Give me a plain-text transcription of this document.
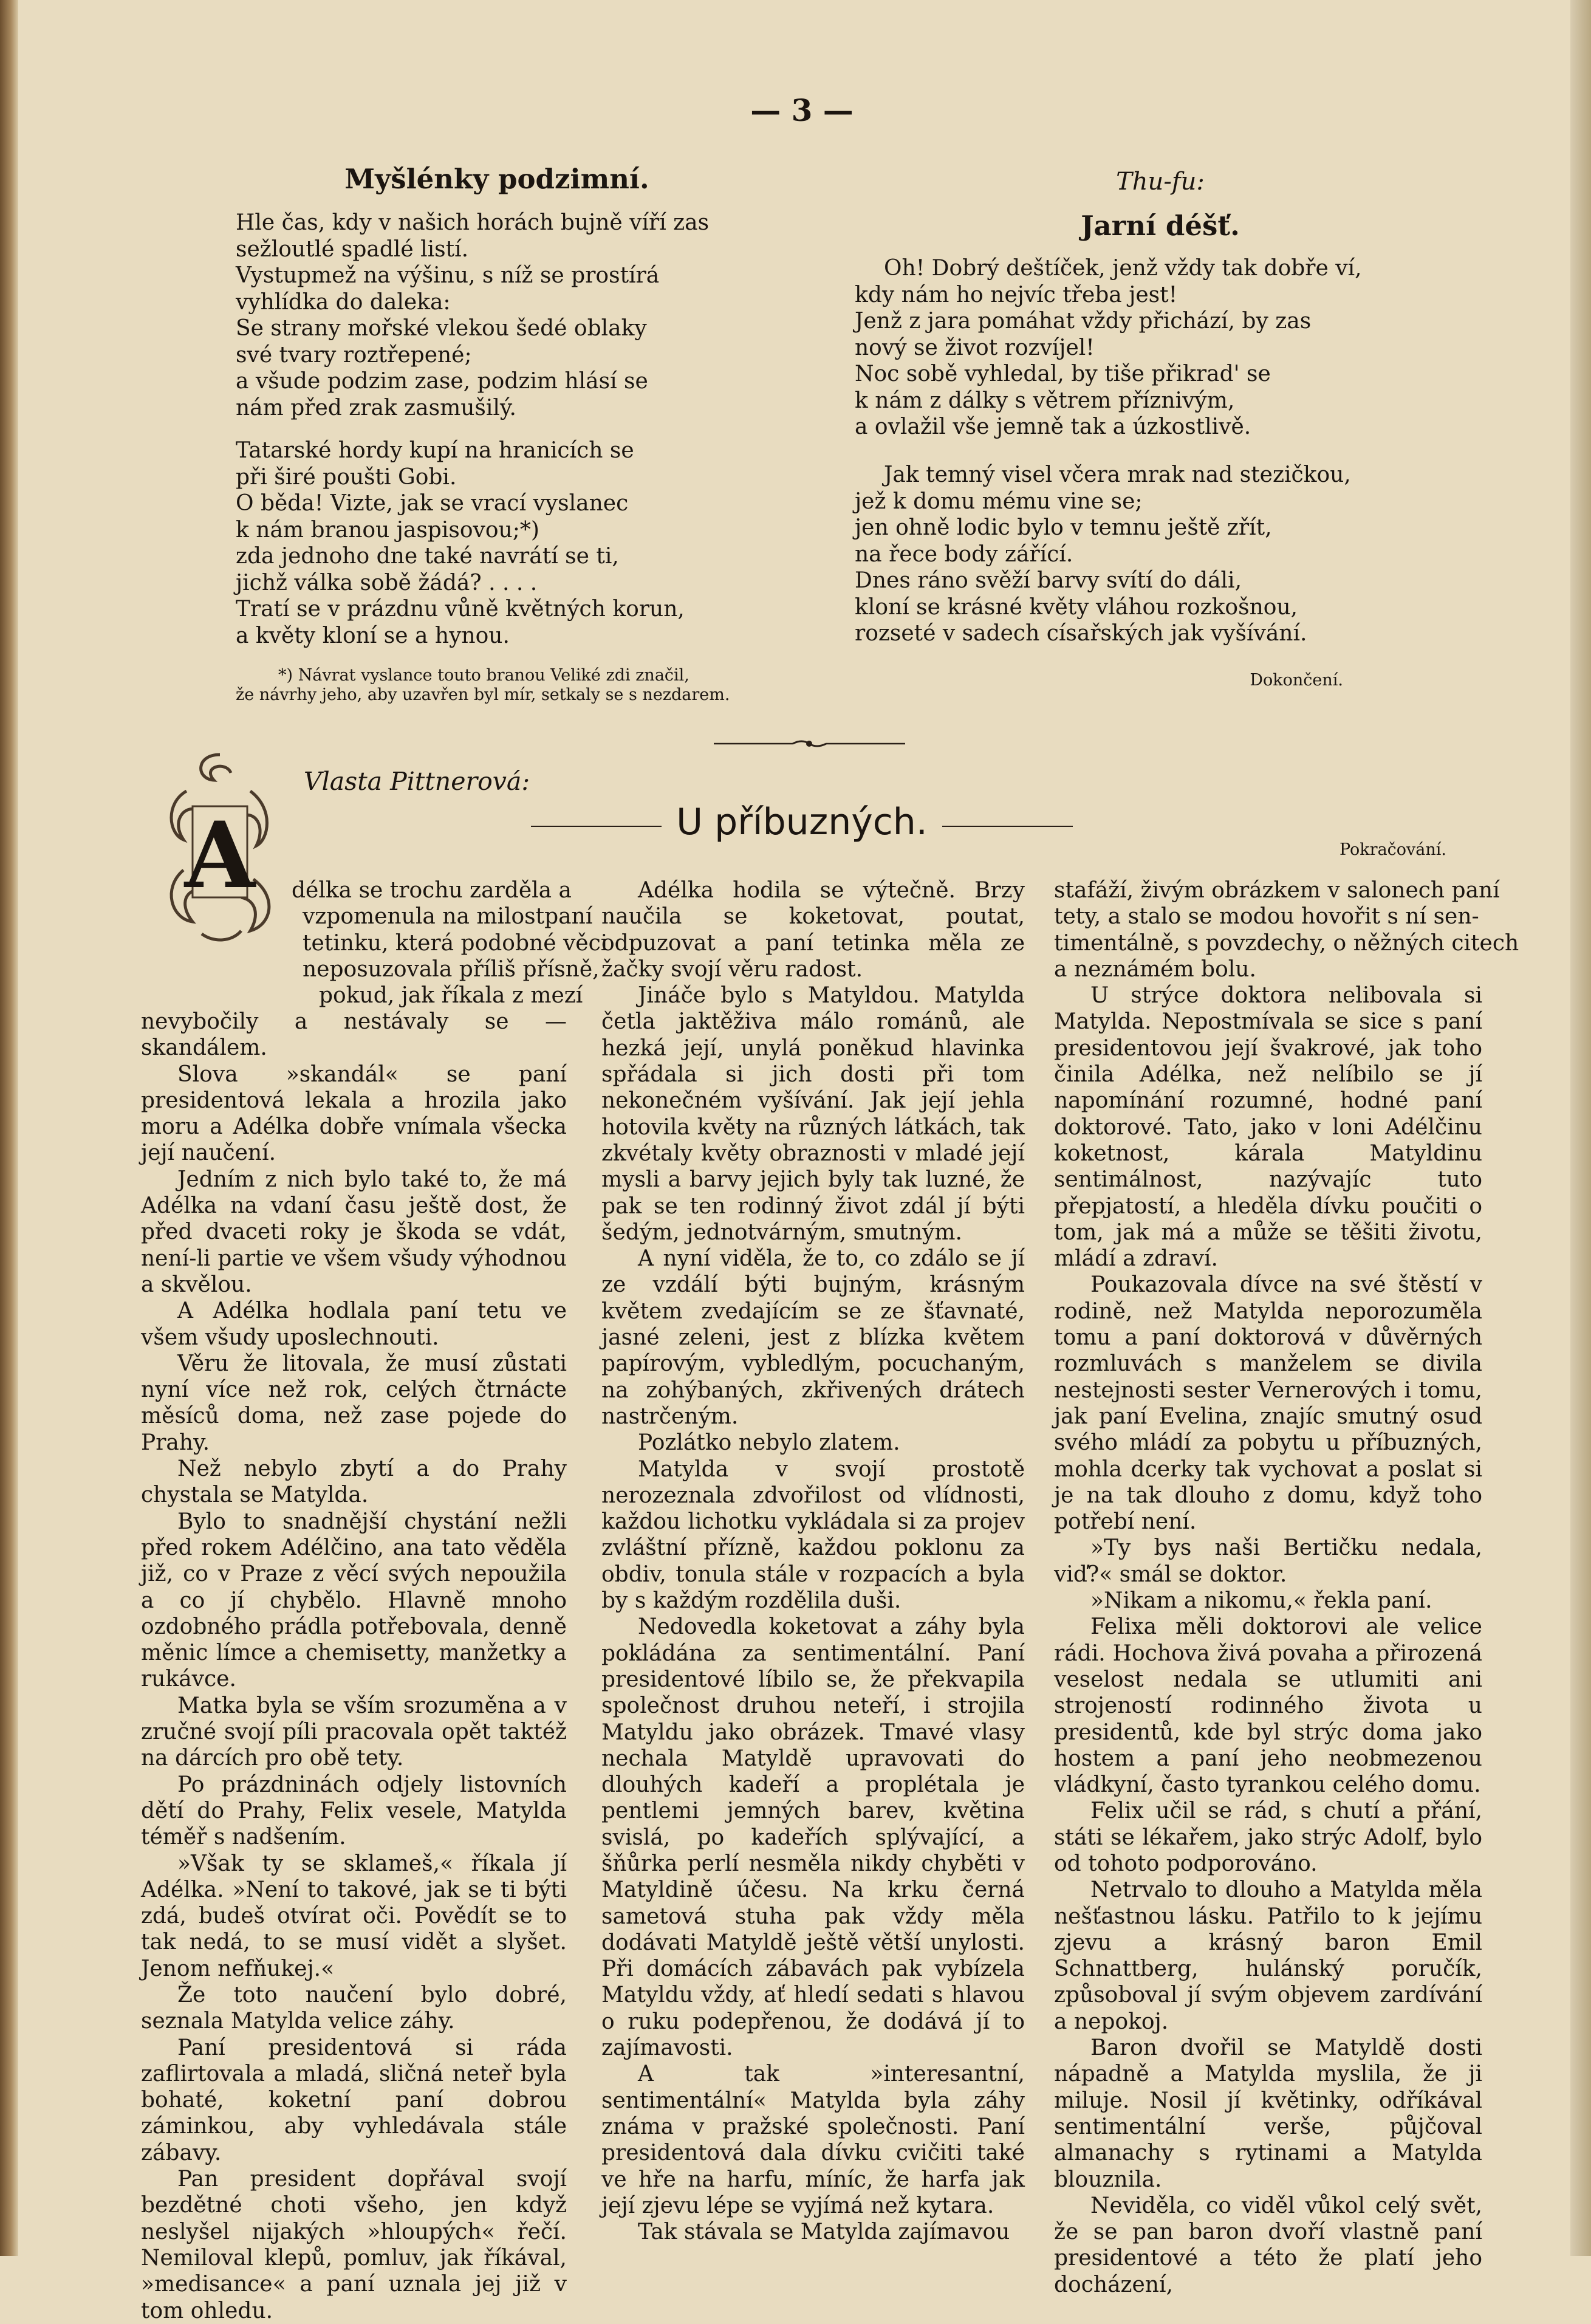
— 3 —
Myšlénky podzimní.
Hle čas, kdy v našich horách bujně víří zas
sežloutlé spadlé listí.
Vystupmež na výšinu, s níž se prostírá
vyhlídka do daleka:
Se strany mořské vlekou šedé oblaky
své tvary roztřepené;
a všude podzim zase, podzim hlásí se
nám před zrak zasmušilý.
Tatarské hordy kupí na hranicích se
při širé poušti Gobi.
O běda! Vizte, jak se vrací vyslanec
k nám branou jaspisovou;*)
zda jednoho dne také navrátí se ti,
jichž válka sobě žádá? . . . .
Tratí se v prázdnu vůně květných korun,
a květy kloní se a hynou.
*) Návrat vyslance touto branou Veliké zdi značil,
že návrhy jeho, aby uzavřen byl mír, setkaly se s nezdarem.
Thu-fu:
Jarní déšť.
Oh! Dobrý deštíček, jenž vždy tak dobře ví,
kdy nám ho nejvíc třeba jest!
Jenž z jara pomáhat vždy přichází, by zas
nový se život rozvíjel!
Noc sobě vyhledal, by tiše přikrad' se
k nám z dálky s větrem příznivým,
a ovlažil vše jemně tak a úzkostlivě.
Jak temný visel včera mrak nad stezičkou,
jež k domu mému vine se;
jen ohně lodic bylo v temnu ještě zřít,
na řece body zářící.
Dnes ráno svěží barvy svítí do dáli,
kloní se krásné květy vláhou rozkošnou,
rozseté v sadech císařských jak vyšívání.
Dokončení.
Vlasta Pittnerová:
U příbuzných.
Pokračování.
A délka se trochu zarděla a
vzpomenula na milostpaní
tetinku, která podobné věci
neposuzovala příliš přísně,
pokud, jak říkala z mezí

nevybočily a nestávaly se — skandálem.

Slova »skandál« se paní presidentová lekala a hrozila jako moru a Adélka dobře vnímala všecka její naučení.

Jedním z nich bylo také to, že má Adélka na vdaní času ještě dost, že před dvaceti roky je škoda se vdát, není-li partie ve všem všudy výhodnou a skvělou.

A Adélka hodlala paní tetu ve všem všudy uposlechnouti.

Věru že litovala, že musí zůstati nyní více než rok, celých čtrnácte měsíců doma, než zase pojede do Prahy.

Než nebylo zbytí a do Prahy chystala se Matylda.

Bylo to snadnější chystání nežli před rokem Adélčino, ana tato věděla již, co v Praze z věcí svých nepoužila a co jí chybělo. Hlavně mnoho ozdobného prádla potřebovala, denně měnic límce a chemisetty, manžetky a rukávce.

Matka byla se vším srozuměna a v zručné svojí píli pracovala opět taktéž na dárcích pro obě tety.

Po prázdninách odjely listovních dětí do Prahy, Felix vesele, Matylda téměř s nadšením.

»Však ty se sklameš,« říkala jí Adélka. »Není to takové, jak se ti býti zdá, budeš otvírat oči. Povědít se to tak nedá, to se musí vidět a slyšet. Jenom nefňukej.«

Že toto naučení bylo dobré, seznala Matylda velice záhy.

Paní presidentová si ráda zaflirtovala a mladá, sličná neteř byla bohaté, koketní paní dobrou záminkou, aby vyhledávala stále zábavy.

Pan president dopřával svojí bezdětné choti všeho, jen když neslyšel nijakých »hloupých« řečí. Nemiloval klepů, pomluv, jak říkával, »medisance« a paní uznala jej již v tom ohledu.

Adélka hodila se výtečně. Brzy naučila se koketovat, poutat, odpuzovat a paní tetinka měla ze žačky svojí věru radost.

Jináče bylo s Matyldou. Matylda četla jaktěživa málo románů, ale hezká její, unylá poněkud hlavinka spřádala si jich dosti při tom nekonečném vyšívání. Jak její jehla hotovila květy na různých látkách, tak zkvétaly květy obraznosti v mladé její mysli a barvy jejich byly tak luzné, že pak se ten rodinný život zdál jí býti šedým, jednotvárným, smutným.

A nyní viděla, že to, co zdálo se jí ze vzdálí býti bujným, krásným květem zvedajícím se ze šťavnaté, jasné zeleni, jest z blízka květem papírovým, vybledlým, pocuchaným, na zohýbaných, zkřivených drátech nastrčeným.

Pozlátko nebylo zlatem.

Matylda v svojí prostotě nerozeznala zdvořilost od vlídnosti, každou lichotku vykládala si za projev zvláštní přízně, každou poklonu za obdiv, tonula stále v rozpacích a byla by s každým rozdělila duši.

Nedovedla koketovat a záhy byla pokládána za sentimentální. Paní presidentové líbilo se, že překvapila společnost druhou neteří, i strojila Matyldu jako obrázek. Tmavé vlasy nechala Matyldě upravovati do dlouhých kadeří a proplétala je pentlemi jemných barev, květina svislá, po kadeřích splývající, a šňůrka perlí nesměla nikdy chyběti v Matyldině účesu. Na krku černá sametová stuha pak vždy měla dodávati Matyldě ještě větší unylosti. Při domácích zábavách pak vybízela Matyldu vždy, ať hledí sedati s hlavou o ruku podepřenou, že dodává jí to zajímavosti.

A tak »interesantní, sentimentální« Matylda byla záhy známa v pražské společnosti. Paní presidentová dala dívku cvičiti také ve hře na harfu, míníc, že harfa jak její zjevu lépe se vyjímá než kytara.

Tak stávala se Matylda zajímavou

stafáží, živým obrázkem v salonech paní
tety, a stalo se modou hovořit s ní sen-
timentálně, s povzdechy, o něžných citech
a neznámém bolu.

U strýce doktora nelibovala si Matylda. Nepostmívala se sice s paní presidentovou její švakrové, jak toho činila Adélka, než nelíbilo se jí napomínání rozumné, hodné paní doktorové. Tato, jako v loni Adélčinu koketnost, kárala Matyldinu sentimálnost, nazývajíc tuto přepjatostí, a hleděla dívku poučiti o tom, jak má a může se těšiti životu, mládí a zdraví.

Poukazovala dívce na své štěstí v rodině, než Matylda neporozuměla tomu a paní doktorová v důvěrných rozmluvách s manželem se divila nestejnosti sester Vernerových i tomu, jak paní Evelina, znajíc smutný osud svého mládí za pobytu u příbuzných, mohla dcerky tak vychovat a poslat si je na tak dlouho z domu, když toho potřebí není.

»Ty bys naši Bertičku nedala, viď?« smál se doktor.

»Nikam a nikomu,« řekla paní.

Felixa měli doktorovi ale velice rádi. Hochova živá povaha a přirozená veselost nedala se utlumiti ani strojeností rodinného života u presidentů, kde byl strýc doma jako hostem a paní jeho neobmezenou vládkyní, často tyrankou celého domu.

Felix učil se rád, s chutí a přání, státi se lékařem, jako strýc Adolf, bylo od tohoto podporováno.

Netrvalo to dlouho a Matylda měla nešťastnou lásku. Patřilo to k jejímu zjevu a krásný baron Emil Schnattberg, hulánský poručík, způsoboval jí svým objevem zardívání a nepokoj.

Baron dvořil se Matyldě dosti nápadně a Matylda myslila, že ji miluje. Nosil jí květinky, odříkával sentimentální verše, půjčoval almanachy s rytinami a Matylda blouznila.

Neviděla, co viděl vůkol celý svět, že se pan baron dvoří vlastně paní presidentové a této že platí jeho docházení,
